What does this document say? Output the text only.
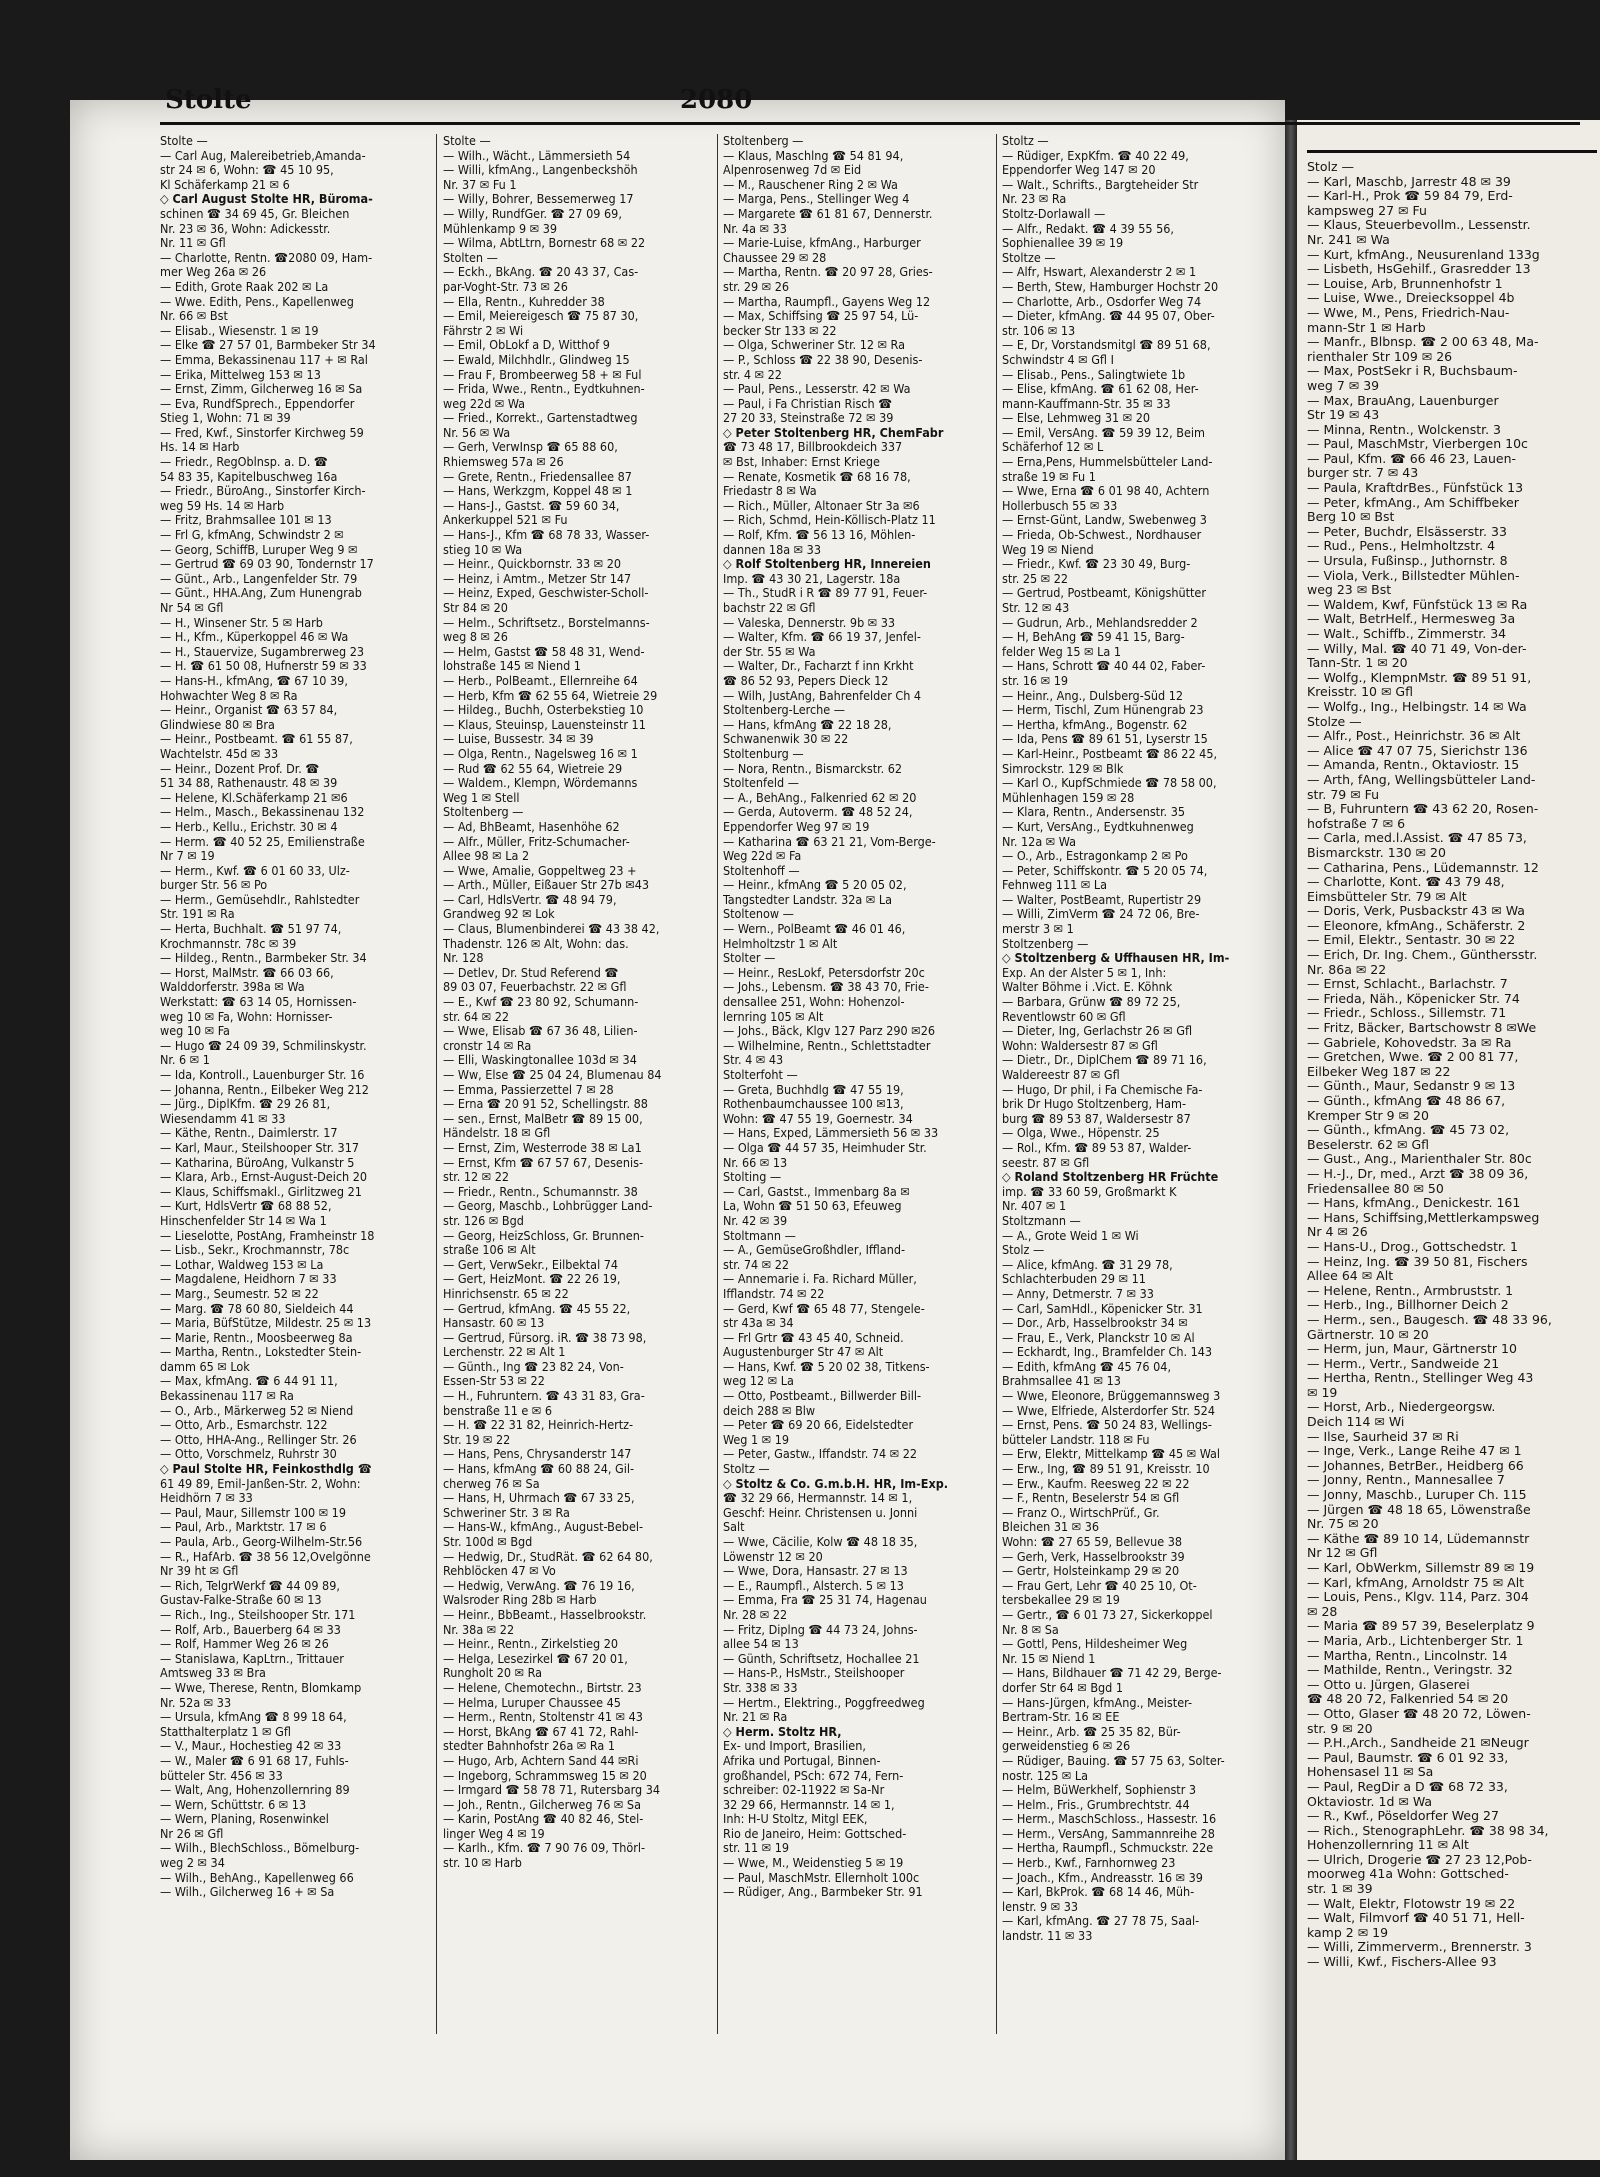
Stolz —
— Karl, Maschb, Jarrestr 48 ✉ 39
— Karl-H., Prok ☎ 59 84 79, Erd-
kampsweg 27 ✉ Fu
— Klaus, Steuerbevollm., Lessenstr.
Nr. 241 ✉ Wa
— Kurt, kfmAng., Neusurenland 133g
— Lisbeth, HsGehilf., Grasredder 13
— Louise, Arb, Brunnenhofstr 1
— Luise, Wwe., Dreiecksoppel 4b
— Wwe, M., Pens, Friedrich-Nau-
mann-Str 1 ✉ Harb
— Manfr., Blbnsp. ☎ 2 00 63 48, Ma-
rienthaler Str 109 ✉ 26
— Max, PostSekr i R, Buchsbaum-
weg 7 ✉ 39
— Max, BrauAng, Lauenburger
Str 19 ✉ 43
— Minna, Rentn., Wolckenstr. 3
— Paul, MaschMstr, Vierbergen 10c
— Paul, Kfm. ☎ 66 46 23, Lauen-
burger str. 7 ✉ 43
— Paula, KraftdrBes., Fünfstück 13
— Peter, kfmAng., Am Schiffbeker
Berg 10 ✉ Bst
— Peter, Buchdr, Elsässerstr. 33
— Rud., Pens., Helmholtzstr. 4
— Ursula, Fußinsp., Juthornstr. 8
— Viola, Verk., Billstedter Mühlen-
weg 23 ✉ Bst
— Waldem, Kwf, Fünfstück 13 ✉ Ra
— Walt, BetrHelf., Hermesweg 3a
— Walt., Schiffb., Zimmerstr. 34
— Willy, Mal. ☎ 40 71 49, Von-der-
Tann-Str. 1 ✉ 20
— Wolfg., KlempnMstr. ☎ 89 51 91,
Kreisstr. 10 ✉ Gfl
— Wolfg., Ing., Helbingstr. 14 ✉ Wa
Stolze —
— Alfr., Post., Heinrichstr. 36 ✉ Alt
— Alice ☎ 47 07 75, Sierichstr 136
— Amanda, Rentn., Oktaviostr. 15
— Arth, fAng, Wellingsbütteler Land-
str. 79 ✉ Fu
— B, Fuhruntern ☎ 43 62 20, Rosen-
hofstraße 7 ✉ 6
— Carla, med.l.Assist. ☎ 47 85 73,
Bismarckstr. 130 ✉ 20
— Catharina, Pens., Lüdemannstr. 12
— Charlotte, Kont. ☎ 43 79 48,
Eimsbütteler Str. 79 ✉ Alt
— Doris, Verk, Pusbackstr 43 ✉ Wa
— Eleonore, kfmAng., Schäferstr. 2
— Emil, Elektr., Sentastr. 30 ✉ 22
— Erich, Dr. Ing. Chem., Günthersstr.
Nr. 86a ✉ 22
— Ernst, Schlacht., Barlachstr. 7
— Frieda, Näh., Köpenicker Str. 74
— Friedr., Schloss., Sillemstr. 71
— Fritz, Bäcker, Bartschowstr 8 ✉We
— Gabriele, Kohovedstr. 3a ✉ Ra
— Gretchen, Wwe. ☎ 2 00 81 77,
Eilbeker Weg 187 ✉ 22
— Günth., Maur, Sedanstr 9 ✉ 13
— Günth., kfmAng ☎ 48 86 67,
Kremper Str 9 ✉ 20
— Günth., kfmAng. ☎ 45 73 02,
Beselerstr. 62 ✉ Gfl
— Gust., Ang., Marienthaler Str. 80c
— H.-J., Dr, med., Arzt ☎ 38 09 36,
Friedensallee 80 ✉ 50
— Hans, kfmAng., Denickestr. 161
— Hans, Schiffsing,Mettlerkampsweg
Nr 4 ✉ 26
— Hans-U., Drog., Gottschedstr. 1
— Heinz, Ing. ☎ 39 50 81, Fischers
Allee 64 ✉ Alt
— Helene, Rentn., Armbruststr. 1
— Herb., Ing., Billhorner Deich 2
— Herm., sen., Baugesch. ☎ 48 33 96,
Gärtnerstr. 10 ✉ 20
— Herm, jun, Maur, Gärtnerstr 10
— Herm., Vertr., Sandweide 21
— Hertha, Rentn., Stellinger Weg 43
✉ 19
— Horst, Arb., Niedergeorgsw.
Deich 114 ✉ Wi
— Ilse, Saurheid 37 ✉ Ri
— Inge, Verk., Lange Reihe 47 ✉ 1
— Johannes, BetrBer., Heidberg 66
— Jonny, Rentn., Mannesallee 7
— Jonny, Maschb., Luruper Ch. 115
— Jürgen ☎ 48 18 65, Löwenstraße
Nr. 75 ✉ 20
— Käthe ☎ 89 10 14, Lüdemannstr
Nr 12 ✉ Gfl
— Karl, ObWerkm, Sillemstr 89 ✉ 19
— Karl, kfmAng, Arnoldstr 75 ✉ Alt
— Louis, Pens., Klgv. 114, Parz. 304
✉ 28
— Maria ☎ 89 57 39, Beselerplatz 9
— Maria, Arb., Lichtenberger Str. 1
— Martha, Rentn., Lincolnstr. 14
— Mathilde, Rentn., Veringstr. 32
— Otto u. Jürgen, Glaserei
☎ 48 20 72, Falkenried 54 ✉ 20
— Otto, Glaser ☎ 48 20 72, Löwen-
str. 9 ✉ 20
— P.H.,Arch., Sandheide 21 ✉Neugr
— Paul, Baumstr. ☎ 6 01 92 33,
Hohensasel 11 ✉ Sa
— Paul, RegDir a D ☎ 68 72 33,
Oktaviostr. 1d ✉ Wa
— R., Kwf., Pöseldorfer Weg 27
— Rich., StenographLehr. ☎ 38 98 34,
Hohenzollernring 11 ✉ Alt
— Ulrich, Drogerie ☎ 27 23 12,Pob-
moorweg 41a Wohn: Gottsched-
str. 1 ✉ 39
— Walt, Elektr, Flotowstr 19 ✉ 22
— Walt, Filmvorf ☎ 40 51 71, Hell-
kamp 2 ✉ 19
— Willi, Zimmerverm., Brennerstr. 3
— Willi, Kwf., Fischers-Allee 93
Stolte	2080
Stolte —
— Carl Aug, Malereibetrieb,Amanda-
str 24 ✉ 6, Wohn: ☎ 45 10 95,
Kl Schäferkamp 21 ✉ 6
◇ Carl August Stolte HR, Büroma-
schinen ☎ 34 69 45, Gr. Bleichen
Nr. 23 ✉ 36, Wohn: Adickesstr.
Nr. 11 ✉ Gfl
— Charlotte, Rentn. ☎2080 09, Ham-
mer Weg 26a ✉ 26
— Edith, Grote Raak 202 ✉ La
— Wwe. Edith, Pens., Kapellenweg
Nr. 66 ✉ Bst
— Elisab., Wiesenstr. 1 ✉ 19
— Elke ☎ 27 57 01, Barmbeker Str 34
— Emma, Bekassinenau 117 + ✉ Ral
— Erika, Mittelweg 153 ✉ 13
— Ernst, Zimm, Gilcherweg 16 ✉ Sa
— Eva, RundfSprech., Eppendorfer
Stieg 1, Wohn: 71 ✉ 39
— Fred, Kwf., Sinstorfer Kirchweg 59
Hs. 14 ✉ Harb
— Friedr., RegOblnsp. a. D. ☎
54 83 35, Kapitelbuschweg 16a
— Friedr., BüroAng., Sinstorfer Kirch-
weg 59 Hs. 14 ✉ Harb
— Fritz, Brahmsallee 101 ✉ 13
— Frl G, kfmAng, Schwindstr 2 ✉
— Georg, SchiffB, Luruper Weg 9 ✉
— Gertrud ☎ 69 03 90, Tondernstr 17
— Günt., Arb., Langenfelder Str. 79
— Günt., HHA.Ang, Zum Hunengrab
Nr 54 ✉ Gfl
— H., Winsener Str. 5 ✉ Harb
— H., Kfm., Küperkoppel 46 ✉ Wa
— H., Stauervize, Sugambrerweg 23
— H. ☎ 61 50 08, Hufnerstr 59 ✉ 33
— Hans-H., kfmAng, ☎ 67 10 39,
Hohwachter Weg 8 ✉ Ra
— Heinr., Organist ☎ 63 57 84,
Glindwiese 80 ✉ Bra
— Heinr., Postbeamt. ☎ 61 55 87,
Wachtelstr. 45d ✉ 33
— Heinr., Dozent Prof. Dr. ☎
51 34 88, Rathenaustr. 48 ✉ 39
— Helene, Kl.Schäferkamp 21 ✉6
— Helm., Masch., Bekassinenau 132
— Herb., Kellu., Erichstr. 30 ✉ 4
— Herm. ☎ 40 52 25, Emilienstraße
Nr 7 ✉ 19
— Herm., Kwf. ☎ 6 01 60 33, Ulz-
burger Str. 56 ✉ Po
— Herm., Gemüsehdlr., Rahlstedter
Str. 191 ✉ Ra
— Herta, Buchhalt. ☎ 51 97 74,
Krochmannstr. 78c ✉ 39
— Hildeg., Rentn., Barmbeker Str. 34
— Horst, MalMstr. ☎ 66 03 66,
Walddorferstr. 398a ✉ Wa
Werkstatt: ☎ 63 14 05, Hornissen-
weg 10 ✉ Fa, Wohn: Hornisser-
weg 10 ✉ Fa
— Hugo ☎ 24 09 39, Schmilinskystr.
Nr. 6 ✉ 1
— Ida, Kontroll., Lauenburger Str. 16
— Johanna, Rentn., Eilbeker Weg 212
— Jürg., DiplKfm. ☎ 29 26 81,
Wiesendamm 41 ✉ 33
— Käthe, Rentn., Daimlerstr. 17
— Karl, Maur., Steilshooper Str. 317
— Katharina, BüroAng, Vulkanstr 5
— Klara, Arb., Ernst-August-Deich 20
— Klaus, Schiffsmakl., Girlitzweg 21
— Kurt, HdlsVertr ☎ 68 88 52,
Hinschenfelder Str 14 ✉ Wa 1
— Lieselotte, PostAng, Framheinstr 18
— Lisb., Sekr., Krochmannstr, 78c
— Lothar, Waldweg 153 ✉ La
— Magdalene, Heidhorn 7 ✉ 33
— Marg., Seumestr. 52 ✉ 22
— Marg. ☎ 78 60 80, Sieldeich 44
— Maria, BüfStütze, Mildestr. 25 ✉ 13
— Marie, Rentn., Moosbeerweg 8a
— Martha, Rentn., Lokstedter Stein-
damm 65 ✉ Lok
— Max, kfmAng. ☎ 6 44 91 11,
Bekassinenau 117 ✉ Ra
— O., Arb., Märkerweg 52 ✉ Niend
— Otto, Arb., Esmarchstr. 122
— Otto, HHA-Ang., Rellinger Str. 26
— Otto, Vorschmelz, Ruhrstr 30
◇ Paul Stolte HR, Feinkosthdlg ☎
61 49 89, Emil-Janßen-Str. 2, Wohn:
Heidhörn 7 ✉ 33
— Paul, Maur, Sillemstr 100 ✉ 19
— Paul, Arb., Marktstr. 17 ✉ 6
— Paula, Arb., Georg-Wilhelm-Str.56
— R., HafArb. ☎ 38 56 12,Ovelgönne
Nr 39 ht ✉ Gfl
— Rich, TelgrWerkf ☎ 44 09 89,
Gustav-Falke-Straße 60 ✉ 13
— Rich., Ing., Steilshooper Str. 171
— Rolf, Arb., Bauerberg 64 ✉ 33
— Rolf, Hammer Weg 26 ✉ 26
— Stanislawa, KapLtrn., Trittauer
Amtsweg 33 ✉ Bra
— Wwe, Therese, Rentn, Blomkamp
Nr. 52a ✉ 33
— Ursula, kfmAng ☎ 8 99 18 64,
Statthalterplatz 1 ✉ Gfl
— V., Maur., Hochestieg 42 ✉ 33
— W., Maler ☎ 6 91 68 17, Fuhls-
bütteler Str. 456 ✉ 33
— Walt, Ang, Hohenzollernring 89
— Wern, Schüttstr. 6 ✉ 13
— Wern, Planing, Rosenwinkel
Nr 26 ✉ Gfl
— Wilh., BlechSchloss., Bömelburg-
weg 2 ✉ 34
— Wilh., BehAng., Kapellenweg 66
— Wilh., Gilcherweg 16 + ✉ Sa
Stolte —
— Wilh., Wächt., Lämmersieth 54
— Willi, kfmAng., Langenbeckshöh
Nr. 37 ✉ Fu 1
— Willy, Bohrer, Bessemerweg 17
— Willy, RundfGer. ☎ 27 09 69,
Mühlenkamp 9 ✉ 39
— Wilma, AbtLtrn, Bornestr 68 ✉ 22
Stolten —
— Eckh., BkAng. ☎ 20 43 37, Cas-
par-Voght-Str. 73 ✉ 26
— Ella, Rentn., Kuhredder 38
— Emil, Meiereigesch ☎ 75 87 30,
Fährstr 2 ✉ Wi
— Emil, ObLokf a D, Witthof 9
— Ewald, Milchhdlr., Glindweg 15
— Frau F, Brombeerweg 58 + ✉ Ful
— Frida, Wwe., Rentn., Eydtkuhnen-
weg 22d ✉ Wa
— Fried., Korrekt., Gartenstadtweg
Nr. 56 ✉ Wa
— Gerh, VerwInsp ☎ 65 88 60,
Rhiemsweg 57a ✉ 26
— Grete, Rentn., Friedensallee 87
— Hans, Werkzgm, Koppel 48 ✉ 1
— Hans-J., Gastst. ☎ 59 60 34,
Ankerkuppel 521 ✉ Fu
— Hans-J., Kfm ☎ 68 78 33, Wasser-
stieg 10 ✉ Wa
— Heinr., Quickbornstr. 33 ✉ 20
— Heinz, i Amtm., Metzer Str 147
— Heinz, Exped, Geschwister-Scholl-
Str 84 ✉ 20
— Helm., Schriftsetz., Borstelmanns-
weg 8 ✉ 26
— Helm, Gastst ☎ 58 48 31, Wend-
lohstraße 145 ✉ Niend 1
— Herb., PolBeamt., Ellernreihe 64
— Herb, Kfm ☎ 62 55 64, Wietreie 29
— Hildeg., Buchh, Osterbekstieg 10
— Klaus, Steuinsp, Lauensteinstr 11
— Luise, Bussestr. 34 ✉ 39
— Olga, Rentn., Nagelsweg 16 ✉ 1
— Rud ☎ 62 55 64, Wietreie 29
— Waldem., Klempn, Wördemanns
Weg 1 ✉ Stell
Stoltenberg —
— Ad, BhBeamt, Hasenhöhe 62
— Alfr., Müller, Fritz-Schumacher-
Allee 98 ✉ La 2
— Wwe, Amalie, Goppeltweg 23 +
— Arth., Müller, Eißauer Str 27b ✉43
— Carl, HdlsVertr. ☎ 48 94 79,
Grandweg 92 ✉ Lok
— Claus, Blumenbinderei ☎ 43 38 42,
Thadenstr. 126 ✉ Alt, Wohn: das.
Nr. 128
— Detlev, Dr. Stud Referend ☎
89 03 07, Feuerbachstr. 22 ✉ Gfl
— E., Kwf ☎ 23 80 92, Schumann-
str. 64 ✉ 22
— Wwe, Elisab ☎ 67 36 48, Lilien-
cronstr 14 ✉ Ra
— Elli, Waskingtonallee 103d ✉ 34
— Ww, Else ☎ 25 04 24, Blumenau 84
— Emma, Passierzettel 7 ✉ 28
— Erna ☎ 20 91 52, Schellingstr. 88
— sen., Ernst, MalBetr ☎ 89 15 00,
Händelstr. 18 ✉ Gfl
— Ernst, Zim, Westerrode 38 ✉ La1
— Ernst, Kfm ☎ 67 57 67, Desenis-
str. 12 ✉ 22
— Friedr., Rentn., Schumannstr. 38
— Georg, Maschb., Lohbrügger Land-
str. 126 ✉ Bgd
— Georg, HeizSchloss, Gr. Brunnen-
straße 106 ✉ Alt
— Gert, VerwSekr., Eilbektal 74
— Gert, HeizMont. ☎ 22 26 19,
Hinrichsenstr. 65 ✉ 22
— Gertrud, kfmAng. ☎ 45 55 22,
Hansastr. 60 ✉ 13
— Gertrud, Fürsorg. iR. ☎ 38 73 98,
Lerchenstr. 22 ✉ Alt 1
— Günth., Ing ☎ 23 82 24, Von-
Essen-Str 53 ✉ 22
— H., Fuhruntern. ☎ 43 31 83, Gra-
benstraße 11 e ✉ 6
— H. ☎ 22 31 82, Heinrich-Hertz-
Str. 19 ✉ 22
— Hans, Pens, Chrysanderstr 147
— Hans, kfmAng ☎ 60 88 24, Gil-
cherweg 76 ✉ Sa
— Hans, H, Uhrmach ☎ 67 33 25,
Schweriner Str. 3 ✉ Ra
— Hans-W., kfmAng., August-Bebel-
Str. 100d ✉ Bgd
— Hedwig, Dr., StudRät. ☎ 62 64 80,
Rehblöcken 47 ✉ Vo
— Hedwig, VerwAng. ☎ 76 19 16,
Walsroder Ring 28b ✉ Harb
— Heinr., BbBeamt., Hasselbrookstr.
Nr. 38a ✉ 22
— Heinr., Rentn., Zirkelstieg 20
— Helga, Lesezirkel ☎ 67 20 01,
Rungholt 20 ✉ Ra
— Helene, Chemotechn., Birtstr. 23
— Helma, Luruper Chaussee 45
— Herm., Rentn, Stoltenstr 41 ✉ 43
— Horst, BkAng ☎ 67 41 72, Rahl-
stedter Bahnhofstr 26a ✉ Ra 1
— Hugo, Arb, Achtern Sand 44 ✉Ri
— Ingeborg, Schrammsweg 15 ✉ 20
— Irmgard ☎ 58 78 71, Rutersbarg 34
— Joh., Rentn., Gilcherweg 76 ✉ Sa
— Karin, PostAng ☎ 40 82 46, Stel-
linger Weg 4 ✉ 19
— Karlh., Kfm. ☎ 7 90 76 09, Thörl-
str. 10 ✉ Harb
Stoltenberg —
— Klaus, Maschlng ☎ 54 81 94,
Alpenrosenweg 7d ✉ Eid
— M., Rauschener Ring 2 ✉ Wa
— Marga, Pens., Stellinger Weg 4
— Margarete ☎ 61 81 67, Dennerstr.
Nr. 4a ✉ 33
— Marie-Luise, kfmAng., Harburger
Chaussee 29 ✉ 28
— Martha, Rentn. ☎ 20 97 28, Gries-
str. 29 ✉ 26
— Martha, Raumpfl., Gayens Weg 12
— Max, Schiffsing ☎ 25 97 54, Lü-
becker Str 133 ✉ 22
— Olga, Schweriner Str. 12 ✉ Ra
— P., Schloss ☎ 22 38 90, Desenis-
str. 4 ✉ 22
— Paul, Pens., Lesserstr. 42 ✉ Wa
— Paul, i Fa Christian Risch ☎
27 20 33, Steinstraße 72 ✉ 39
◇ Peter Stoltenberg HR, ChemFabr
☎ 73 48 17, Billbrookdeich 337
✉ Bst, Inhaber: Ernst Kriege
— Renate, Kosmetik ☎ 68 16 78,
Friedastr 8 ✉ Wa
— Rich., Müller, Altonaer Str 3a ✉6
— Rich, Schmd, Hein-Köllisch-Platz 11
— Rolf, Kfm. ☎ 56 13 16, Möhlen-
dannen 18a ✉ 33
◇ Rolf Stoltenberg HR, Innereien
Imp. ☎ 43 30 21, Lagerstr. 18a
— Th., StudR i R ☎ 89 77 91, Feuer-
bachstr 22 ✉ Gfl
— Valeska, Dennerstr. 9b ✉ 33
— Walter, Kfm. ☎ 66 19 37, Jenfel-
der Str. 55 ✉ Wa
— Walter, Dr., Facharzt f inn Krkht
☎ 86 52 93, Pepers Dieck 12
— Wilh, JustAng, Bahrenfelder Ch 4
Stoltenberg-Lerche —
— Hans, kfmAng ☎ 22 18 28,
Schwanenwik 30 ✉ 22
Stoltenburg —
— Nora, Rentn., Bismarckstr. 62
Stoltenfeld —
— A., BehAng., Falkenried 62 ✉ 20
— Gerda, Autoverm. ☎ 48 52 24,
Eppendorfer Weg 97 ✉ 19
— Katharina ☎ 63 21 21, Vom-Berge-
Weg 22d ✉ Fa
Stoltenhoff —
— Heinr., kfmAng ☎ 5 20 05 02,
Tangstedter Landstr. 32a ✉ La
Stoltenow —
— Wern., PolBeamt ☎ 46 01 46,
Helmholtzstr 1 ✉ Alt
Stolter —
— Heinr., ResLokf, Petersdorfstr 20c
— Johs., Lebensm. ☎ 38 43 70, Frie-
densallee 251, Wohn: Hohenzol-
lernring 105 ✉ Alt
— Johs., Bäck, Klgv 127 Parz 290 ✉26
— Wilhelmine, Rentn., Schlettstadter
Str. 4 ✉ 43
Stolterfoht —
— Greta, Buchhdlg ☎ 47 55 19,
Rothenbaumchaussee 100 ✉13,
Wohn: ☎ 47 55 19, Goernestr. 34
— Hans, Exped, Lämmersieth 56 ✉ 33
— Olga ☎ 44 57 35, Heimhuder Str.
Nr. 66 ✉ 13
Stolting —
— Carl, Gastst., Immenbarg 8a ✉
La, Wohn ☎ 51 50 63, Efeuweg
Nr. 42 ✉ 39
Stoltmann —
— A., GemüseGroßhdler, Iffland-
str. 74 ✉ 22
— Annemarie i. Fa. Richard Müller,
Ifflandstr. 74 ✉ 22
— Gerd, Kwf ☎ 65 48 77, Stengele-
str 43a ✉ 34
— Frl Grtr ☎ 43 45 40, Schneid.
Augustenburger Str 47 ✉ Alt
— Hans, Kwf. ☎ 5 20 02 38, Titkens-
weg 12 ✉ La
— Otto, Postbeamt., Billwerder Bill-
deich 288 ✉ Blw
— Peter ☎ 69 20 66, Eidelstedter
Weg 1 ✉ 19
— Peter, Gastw., Iffandstr. 74 ✉ 22
Stoltz —
◇ Stoltz & Co. G.m.b.H. HR, Im-Exp.
☎ 32 29 66, Hermannstr. 14 ✉ 1,
Geschf: Heinr. Christensen u. Jonni
Salt
— Wwe, Cäcilie, Kolw ☎ 48 18 35,
Löwenstr 12 ✉ 20
— Wwe, Dora, Hansastr. 27 ✉ 13
— E., Raumpfl., Alsterch. 5 ✉ 13
— Emma, Fra ☎ 25 31 74, Hagenau
Nr. 28 ✉ 22
— Fritz, Diplng ☎ 44 73 24, Johns-
allee 54 ✉ 13
— Günth, Schriftsetz, Hochallee 21
— Hans-P., HsMstr., Steilshooper
Str. 338 ✉ 33
— Hertm., Elektring., Poggfreedweg
Nr. 21 ✉ Ra
◇ Herm. Stoltz HR,
Ex- und Import, Brasilien,
Afrika und Portugal, Binnen-
großhandel, PSch: 672 74, Fern-
schreiber: 02-11922 ✉ Sa-Nr
32 29 66, Hermannstr. 14 ✉ 1,
Inh: H-U Stoltz, Mitgl EEK,
Rio de Janeiro, Heim: Gottsched-
str. 11 ✉ 19
— Wwe, M., Weidenstieg 5 ✉ 19
— Paul, MaschMstr. Ellernholt 100c
— Rüdiger, Ang., Barmbeker Str. 91
Stoltz —
— Rüdiger, ExpKfm. ☎ 40 22 49,
Eppendorfer Weg 147 ✉ 20
— Walt., Schrifts., Bargteheider Str
Nr. 23 ✉ Ra
Stoltz-Dorlawall —
— Alfr., Redakt. ☎ 4 39 55 56,
Sophienallee 39 ✉ 19
Stoltze —
— Alfr, Hswart, Alexanderstr 2 ✉ 1
— Berth, Stew, Hamburger Hochstr 20
— Charlotte, Arb., Osdorfer Weg 74
— Dieter, kfmAng. ☎ 44 95 07, Ober-
str. 106 ✉ 13
— E, Dr, Vorstandsmitgl ☎ 89 51 68,
Schwindstr 4 ✉ Gfl I
— Elisab., Pens., Salingtwiete 1b
— Elise, kfmAng. ☎ 61 62 08, Her-
mann-Kauffmann-Str. 35 ✉ 33
— Else, Lehmweg 31 ✉ 20
— Emil, VersAng. ☎ 59 39 12, Beim
Schäferhof 12 ✉ L
— Erna,Pens, Hummelsbütteler Land-
straße 19 ✉ Fu 1
— Wwe, Erna ☎ 6 01 98 40, Achtern
Hollerbusch 55 ✉ 33
— Ernst-Günt, Landw, Swebenweg 3
— Frieda, Ob-Schwest., Nordhauser
Weg 19 ✉ Niend
— Friedr., Kwf. ☎ 23 30 49, Burg-
str. 25 ✉ 22
— Gertrud, Postbeamt, Königshütter
Str. 12 ✉ 43
— Gudrun, Arb., Mehlandsredder 2
— H, BehAng ☎ 59 41 15, Barg-
felder Weg 15 ✉ La 1
— Hans, Schrott ☎ 40 44 02, Faber-
str. 16 ✉ 19
— Heinr., Ang., Dulsberg-Süd 12
— Herm, Tischl, Zum Hünengrab 23
— Hertha, kfmAng., Bogenstr. 62
— Ida, Pens ☎ 89 61 51, Lyserstr 15
— Karl-Heinr., Postbeamt ☎ 86 22 45,
Simrockstr. 129 ✉ Blk
— Karl O., KupfSchmiede ☎ 78 58 00,
Mühlenhagen 159 ✉ 28
— Klara, Rentn., Andersenstr. 35
— Kurt, VersAng., Eydtkuhnenweg
Nr. 12a ✉ Wa
— O., Arb., Estragonkamp 2 ✉ Po
— Peter, Schiffskontr. ☎ 5 20 05 74,
Fehnweg 111 ✉ La
— Walter, PostBeamt, Rupertistr 29
— Willi, ZimVerm ☎ 24 72 06, Bre-
merstr 3 ✉ 1
Stoltzenberg —
◇ Stoltzenberg & Uffhausen HR, Im-
Exp. An der Alster 5 ✉ 1, Inh:
Walter Böhme i .Vict. E. Köhnk
— Barbara, Grünw ☎ 89 72 25,
Reventlowstr 60 ✉ Gfl
— Dieter, Ing, Gerlachstr 26 ✉ Gfl
Wohn: Waldersestr 87 ✉ Gfl
— Dietr., Dr., DiplChem ☎ 89 71 16,
Waldereestr 87 ✉ Gfl
— Hugo, Dr phil, i Fa Chemische Fa-
brik Dr Hugo Stoltzenberg, Ham-
burg ☎ 89 53 87, Waldersestr 87
— Olga, Wwe., Höpenstr. 25
— Rol., Kfm. ☎ 89 53 87, Walder-
seestr. 87 ✉ Gfl
◇ Roland Stoltzenberg HR Früchte
imp. ☎ 33 60 59, Großmarkt K
Nr. 407 ✉ 1
Stoltzmann —
— A., Grote Weid 1 ✉ Wi
Stolz —
— Alice, kfmAng. ☎ 31 29 78,
Schlachterbuden 29 ✉ 11
— Anny, Detmerstr. 7 ✉ 33
— Carl, SamHdl., Köpenicker Str. 31
— Dor., Arb, Hasselbrookstr 34 ✉
— Frau, E., Verk, Planckstr 10 ✉ Al
— Eckhardt, Ing., Bramfelder Ch. 143
— Edith, kfmAng ☎ 45 76 04,
Brahmsallee 41 ✉ 13
— Wwe, Eleonore, Brüggemannsweg 3
— Wwe, Elfriede, Alsterdorfer Str. 524
— Ernst, Pens. ☎ 50 24 83, Wellings-
bütteler Landstr. 118 ✉ Fu
— Erw, Elektr, Mittelkamp ☎ 45 ✉ Wal
— Erw., Ing, ☎ 89 51 91, Kreisstr. 10
— Erw., Kaufm. Reesweg 22 ✉ 22
— F., Rentn, Beselerstr 54 ✉ Gfl
— Franz O., WirtschPrüf., Gr.
Bleichen 31 ✉ 36
Wohn: ☎ 27 65 59, Bellevue 38
— Gerh, Verk, Hasselbrookstr 39
— Gertr, Holsteinkamp 29 ✉ 20
— Frau Gert, Lehr ☎ 40 25 10, Ot-
tersbekallee 29 ✉ 19
— Gertr., ☎ 6 01 73 27, Sickerkoppel
Nr. 8 ✉ Sa
— Gottl, Pens, Hildesheimer Weg
Nr. 15 ✉ Niend 1
— Hans, Bildhauer ☎ 71 42 29, Berge-
dorfer Str 64 ✉ Bgd 1
— Hans-Jürgen, kfmAng., Meister-
Bertram-Str. 16 ✉ EE
— Heinr., Arb. ☎ 25 35 82, Bür-
gerweidenstieg 6 ✉ 26
— Rüdiger, Bauing. ☎ 57 75 63, Solter-
nostr. 125 ✉ La
— Helm, BüWerkhelf, Sophienstr 3
— Helm., Fris., Grumbrechtstr. 44
— Herm., MaschSchloss., Hassestr. 16
— Herm., VersAng, Sammannreihe 28
— Hertha, Raumpfl., Schmuckstr. 22e
— Herb., Kwf., Farnhornweg 23
— Joach., Kfm., Andreasstr. 16 ✉ 39
— Karl, BkProk. ☎ 68 14 46, Müh-
lenstr. 9 ✉ 33
— Karl, kfmAng. ☎ 27 78 75, Saal-
landstr. 11 ✉ 33
